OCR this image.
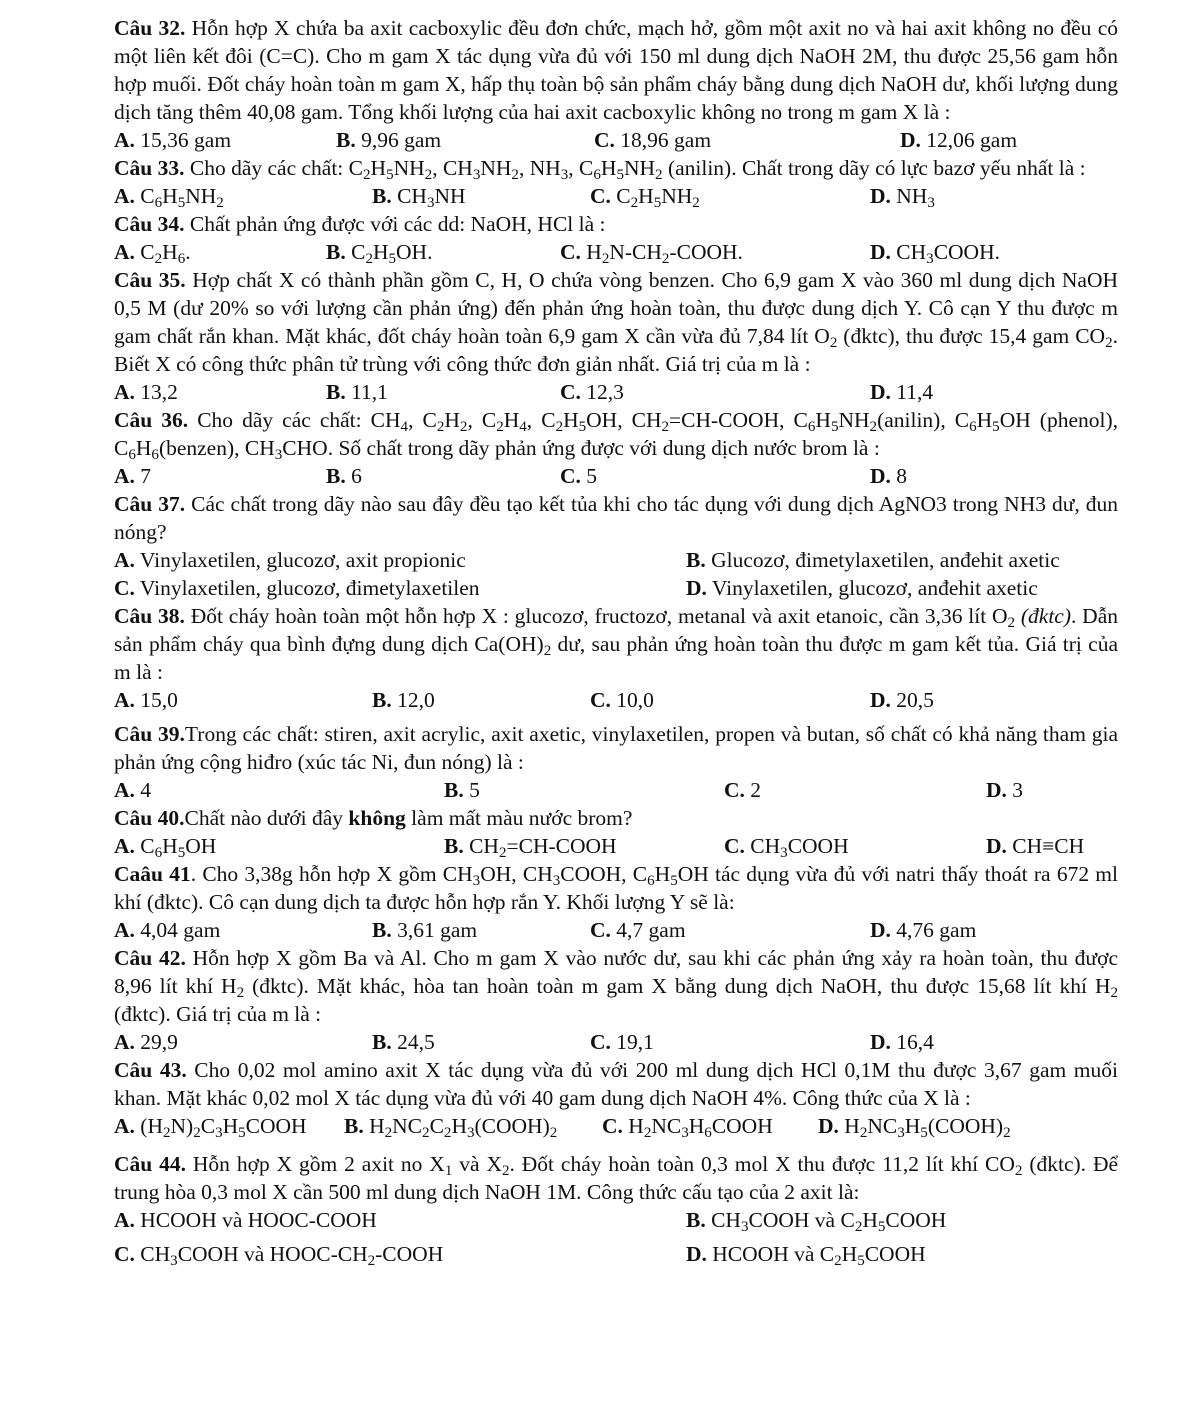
Câu 32. Hỗn hợp X chứa ba axit cacboxylic đều đơn chức, mạch hở, gồm một axit no và hai axit không no đều có một liên kết đôi (C=C). Cho m gam X tác dụng vừa đủ với 150 ml dung dịch NaOH 2M, thu được 25,56 gam hỗn hợp muối. Đốt cháy hoàn toàn m gam X, hấp thụ toàn bộ sản phẩm cháy bằng dung dịch NaOH dư, khối lượng dung dịch tăng thêm 40,08 gam. Tổng khối lượng của hai axit cacboxylic không no trong m gam X là :

A. 15,36 gam	B. 9,96 gam	C. 18,96 gam	D. 12,06 gam

Câu 33. Cho dãy các chất: $C_2H_5NH_2$, $CH_3NH_2$, $NH_3$, $C_6H_5NH_2$ (anilin). Chất trong dãy có lực bazơ yếu nhất là :

A. $C_6H_5NH_2$	B. $CH_3NH$	C. $C_2H_5NH_2$	D. $NH_3$

Câu 34. Chất phản ứng được với các dd: NaOH, HCl là :

A. $C_2H_6$.	B. $C_2H_5OH$.	C. $H_2N-CH_2$-COOH.	D. $CH_3COOH$.

Câu 35. Hợp chất X có thành phần gồm C, H, O chứa vòng benzen. Cho 6,9 gam X vào 360 ml dung dịch NaOH 0,5 M (dư 20% so với lượng cần phản ứng) đến phản ứng hoàn toàn, thu được dung dịch Y. Cô cạn Y thu được m gam chất rắn khan. Mặt khác, đốt cháy hoàn toàn 6,9 gam X cần vừa đủ 7,84 lít $O_2$ (đktc), thu được 15,4 gam $CO_2$. Biết X có công thức phân tử trùng với công thức đơn giản nhất. Giá trị của m là :

A. 13,2	B. 11,1	C. 12,3	D. 11,4

Câu 36. Cho dãy các chất: $CH_4$, $C_2H_2$, $C_2H_4$, $C_2H_5OH$, $CH_2=CH$-COOH, $C_6H_5NH_2(anilin)$, $C_6H_5OH$ (phenol), $C_6H_6(benzen)$, $CH_3CHO$. Số chất trong dãy phản ứng được với dung dịch nước brom là :

A. 7	B. 6	C. 5	D. 8

Câu 37. Các chất trong dãy nào sau đây đều tạo kết tủa khi cho tác dụng với dung dịch AgNO3 trong NH3 dư, đun nóng?

A. Vinylaxetilen, glucozơ, axit propionic	B. Glucozơ, đimetylaxetilen, anđehit axetic
C. Vinylaxetilen, glucozơ, đimetylaxetilen	D. Vinylaxetilen, glucozơ, anđehit axetic

Câu 38. Đốt cháy hoàn toàn một hỗn hợp X : glucozơ, fructozơ, metanal và axit etanoic, cần 3,36 lít $O_2$ (đktc). Dẫn sản phẩm cháy qua bình đựng dung dịch $Ca(OH)_2$ dư, sau phản ứng hoàn toàn thu được m gam kết tủa. Giá trị của m là :

A. 15,0	B. 12,0	C. 10,0	D. 20,5

Câu 39.Trong các chất: stiren, axit acrylic, axit axetic, vinylaxetilen, propen và butan, số chất có khả năng tham gia phản ứng cộng hiđro (xúc tác Ni, đun nóng) là :

A. 4	B. 5	C. 2	D. 3

Câu 40.Chất nào dưới đây không làm mất màu nước brom?

A. $C_6H_5OH$	B. $CH_2=CH$-COOH	C. $CH_3COOH$	D. CH≡CH

Caâu 41. Cho 3,38g hỗn hợp X gồm $CH_3OH$, $CH_3COOH$, $C_6H_5OH$ tác dụng vừa đủ với natri thấy thoát ra 672 ml khí (đktc). Cô cạn dung dịch ta được hỗn hợp rắn Y. Khối lượng Y sẽ là:

A. 4,04 gam	B. 3,61 gam	C. 4,7 gam	D. 4,76 gam

Câu 42. Hỗn hợp X gồm Ba và Al. Cho m gam X vào nước dư, sau khi các phản ứng xảy ra hoàn toàn, thu được 8,96 lít khí $H_2$ (đktc). Mặt khác, hòa tan hoàn toàn m gam X bằng dung dịch NaOH, thu được 15,68 lít khí $H_2$ (đktc). Giá trị của m là :

A. 29,9	B. 24,5	C. 19,1	D. 16,4

Câu 43. Cho 0,02 mol amino axit X tác dụng vừa đủ với 200 ml dung dịch HCl 0,1M thu được 3,67 gam muối khan. Mặt khác 0,02 mol X tác dụng vừa đủ với 40 gam dung dịch NaOH 4%. Công thức của X là :

A. $(H_2N)_2C_3H_5COOH$ B. $H_2NC_2C_2H_3(COOH)_2$ C. $H_2NC_3H_6COOH$ D. $H_2NC_3H_5(COOH)_2$

Câu 44. Hỗn hợp X gồm 2 axit no $X_1$ và $X_2$. Đốt cháy hoàn toàn 0,3 mol X thu được 11,2 lít khí $CO_2$ (đktc). Để trung hòa 0,3 mol X cần 500 ml dung dịch NaOH 1M. Công thức cấu tạo của 2 axit là:

A. HCOOH và HOOC-COOH	B. $CH_3COOH$ và $C_2H_5COOH$
C. $CH_3COOH$ và HOOC-$CH_2$-COOH	D. HCOOH và $C_2H_5COOH$
